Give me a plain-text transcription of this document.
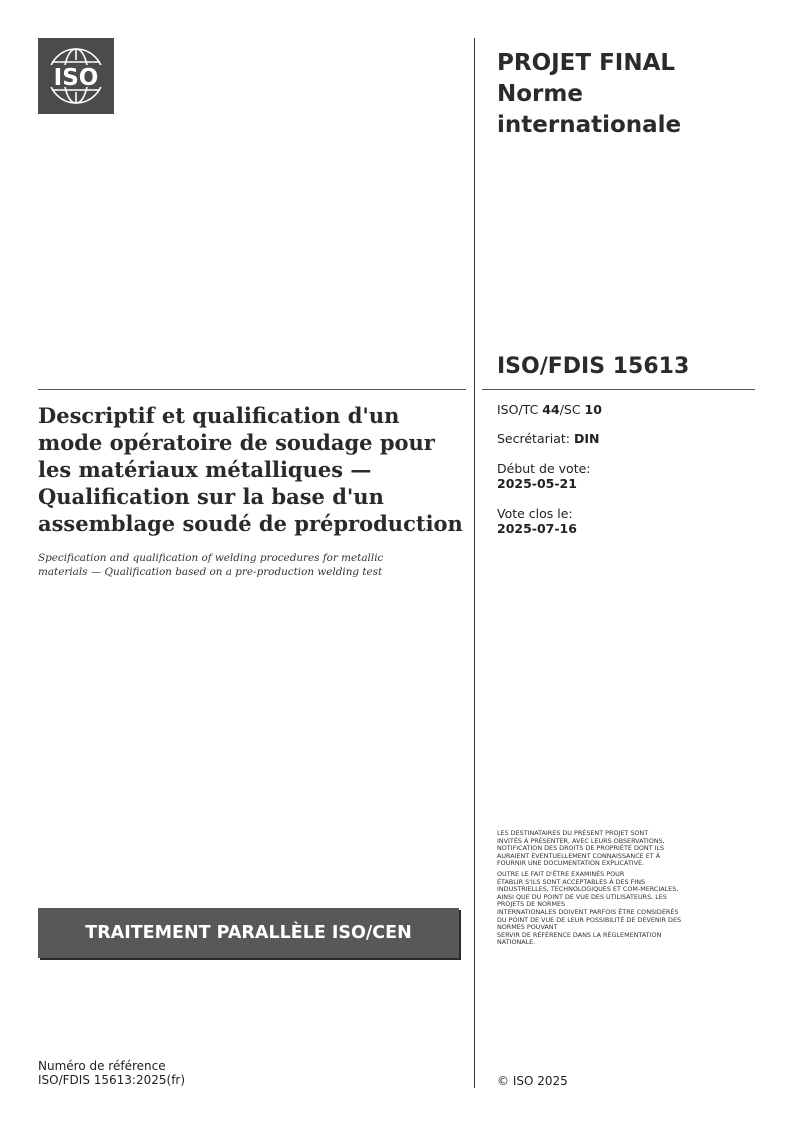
ISO
PROJET FINAL
Norme
internationale
ISO/FDIS 15613
ISO/TC 44/SC 10
Secrétariat: DIN
Début de vote:
2025-05-21
Vote clos le:
2025-07-16
Descriptif et qualification d'un
mode opératoire de soudage pour
les matériaux métalliques —
Qualification sur la base d'un
assemblage soudé de préproduction
Specification and qualification of welding procedures for metallic
materials — Qualification based on a pre-production welding test
LES DESTINATAIRES DU PRÉSENT PROJET SONT
INVITÉS À PRÉSENTER, AVEC LEURS OBSERVATIONS,
NOTIFICATION DES DROITS DE PROPRIÉTÉ DONT ILS
AURAIENT ÉVENTUELLEMENT CONNAISSANCE ET À
FOURNIR UNE DOCUMENTATION EXPLICATIVE.
OUTRE LE FAIT D'ÊTRE EXAMINÉS POUR
ÉTABLIR S'ILS SONT ACCEPTABLES À DES FINS
INDUSTRIELLES, TECHNOLOGIQUES ET COM-MERCIALES,
AINSI QUE DU POINT DE VUE DES UTILISATEURS, LES
PROJETS DE NORMES
INTERNATIONALES DOIVENT PARFOIS ÊTRE CONSIDÉRÉS
DU POINT DE VUE DE LEUR POSSIBILITÉ DE DEVENIR DES
NORMES POUVANT
SERVIR DE RÉFÉRENCE DANS LA RÉGLEMENTATION
NATIONALE.
TRAITEMENT PARALLÈLE ISO/CEN
Numéro de référence
ISO/FDIS 15613:2025(fr)	© ISO 2025
